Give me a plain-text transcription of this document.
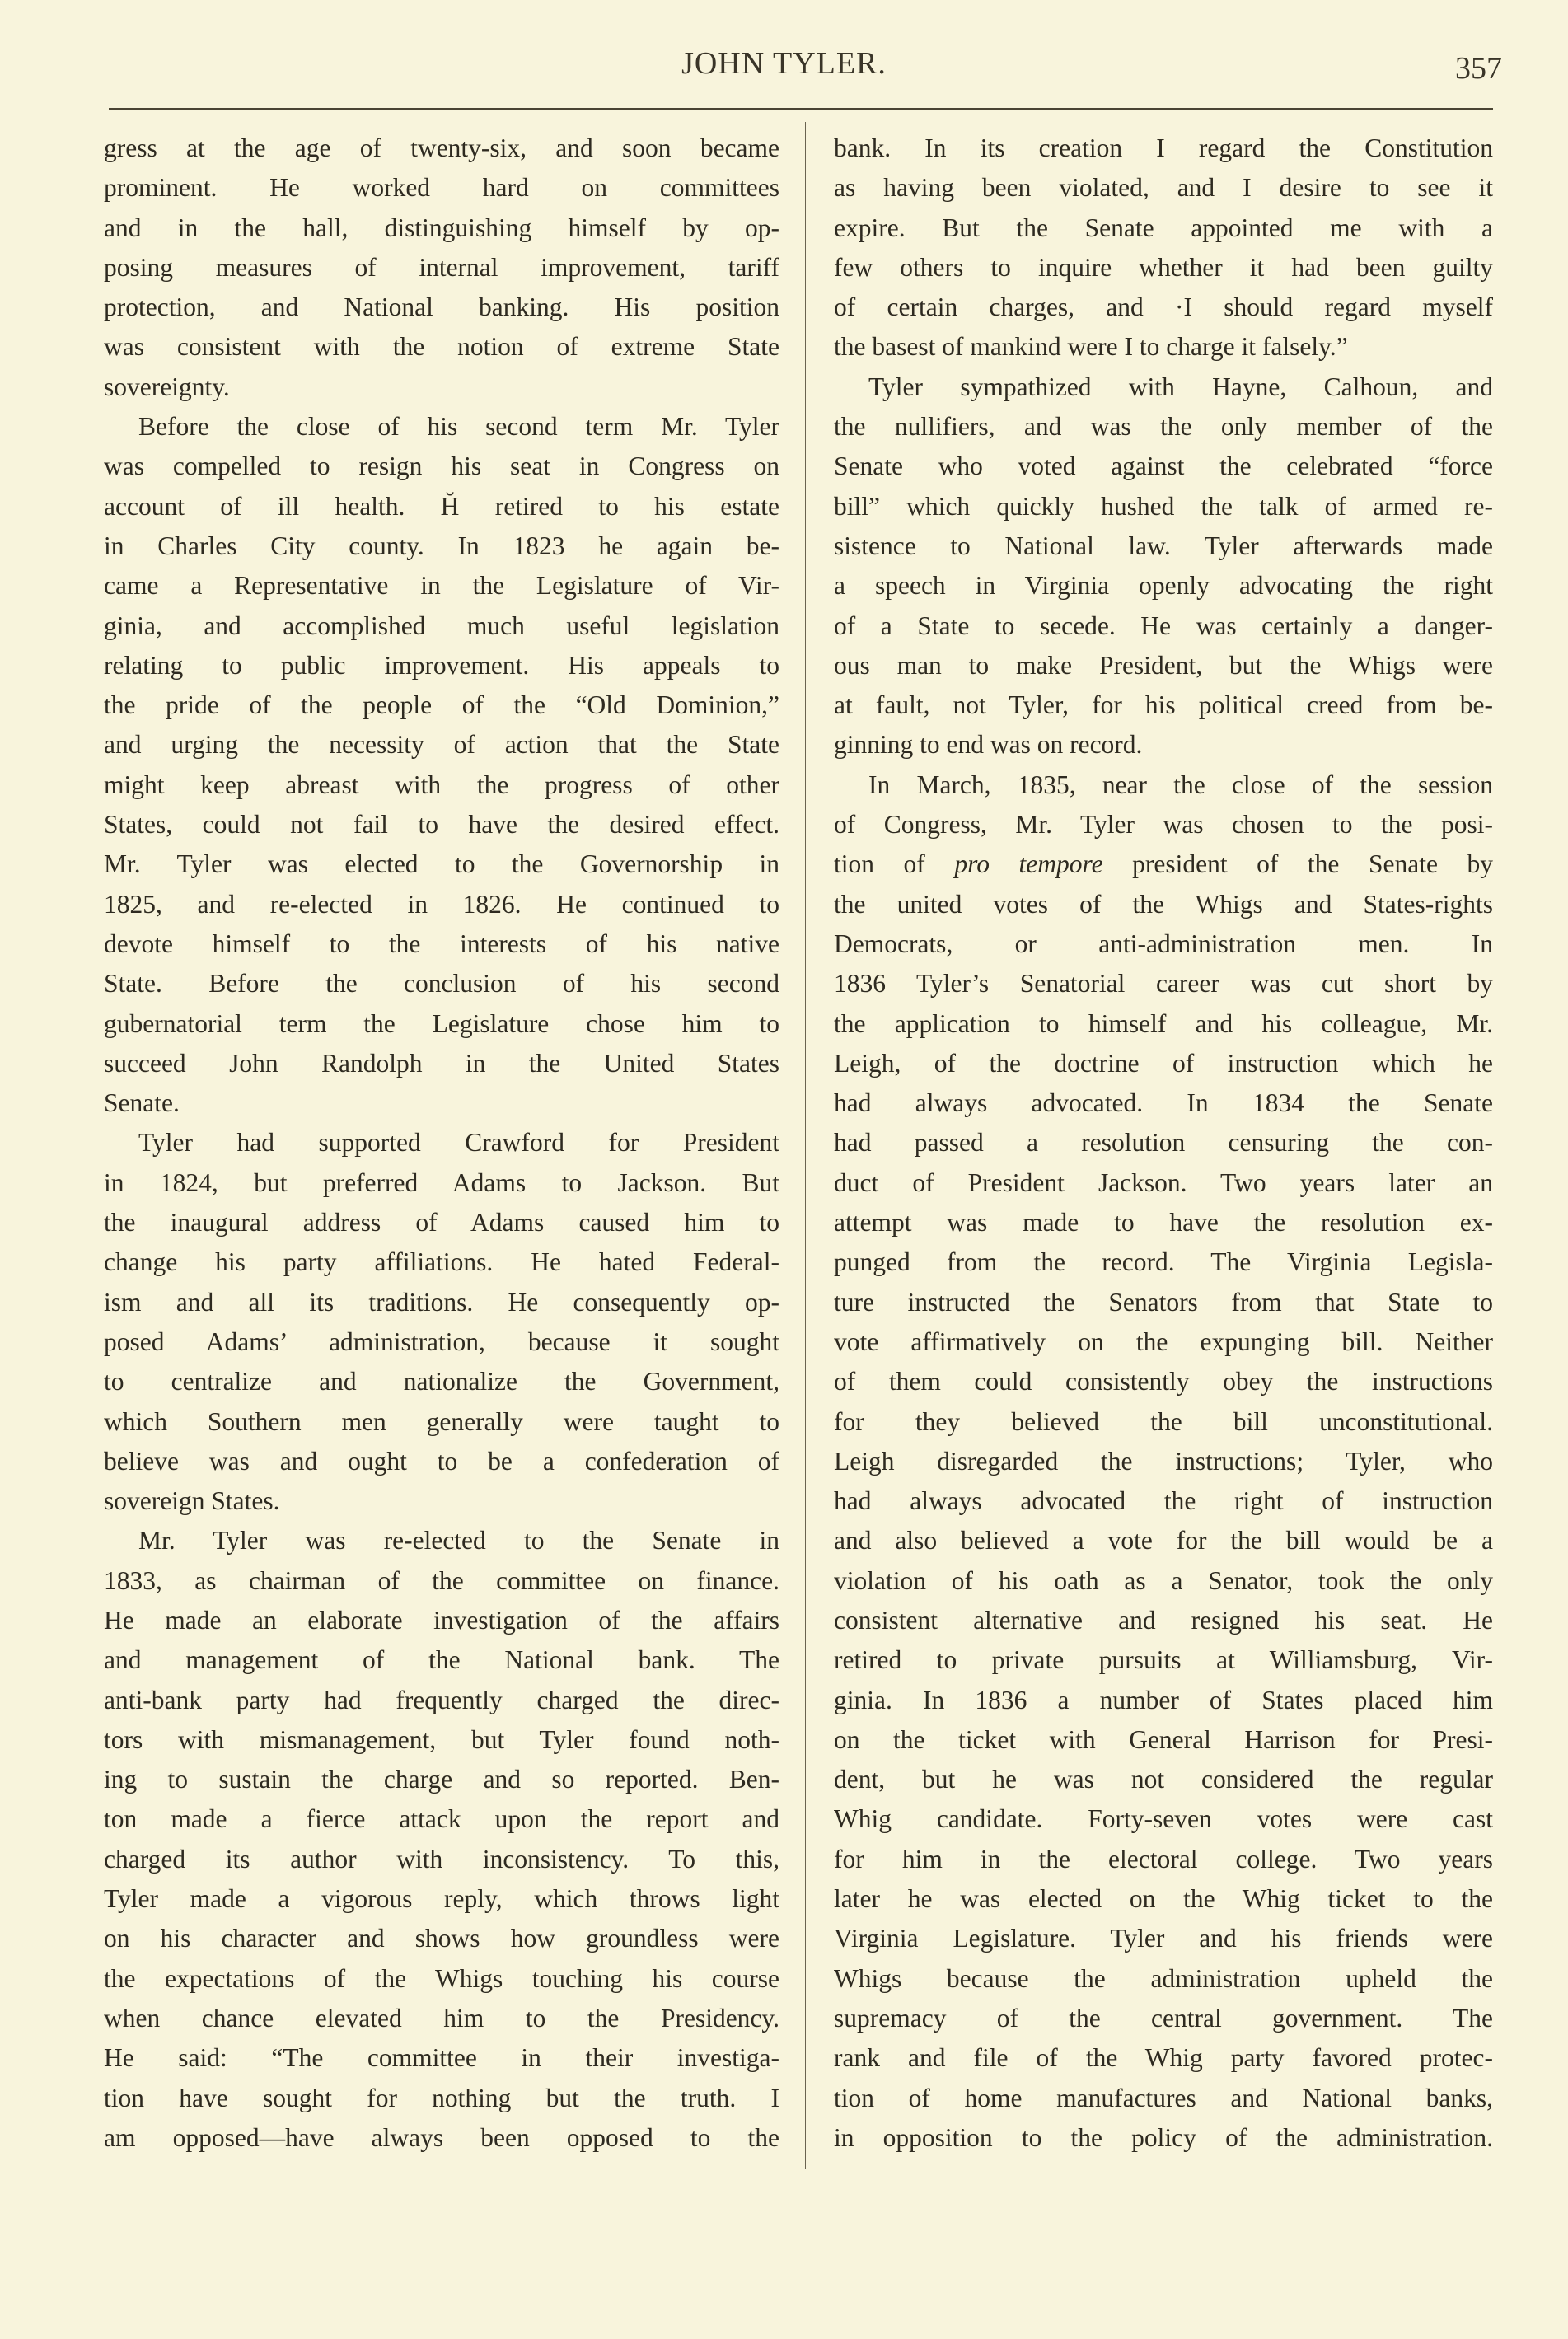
JOHN TYLER.	357
gress at the age of twenty-six, and soon became
prominent. He worked hard on committees
and in the hall, distinguishing himself by op-
posing measures of internal improvement, tariff
protection, and National banking. His position
was consistent with the notion of extreme State
sovereignty.
Before the close of his second term Mr. Tyler
was compelled to resign his seat in Congress on
account of ill health. H̆ retired to his estate
in Charles City county. In 1823 he again be-
came a Representative in the Legislature of Vir-
ginia, and accomplished much useful legislation
relating to public improvement. His appeals to
the pride of the people of the “Old Dominion,”
and urging the necessity of action that the State
might keep abreast with the progress of other
States, could not fail to have the desired effect.
Mr. Tyler was elected to the Governorship in
1825, and re-elected in 1826. He continued to
devote himself to the interests of his native
State. Before the conclusion of his second
gubernatorial term the Legislature chose him to
succeed John Randolph in the United States
Senate.
Tyler had supported Crawford for President
in 1824, but preferred Adams to Jackson. But
the inaugural address of Adams caused him to
change his party affiliations. He hated Federal-
ism and all its traditions. He consequently op-
posed Adams’ administration, because it sought
to centralize and nationalize the Government,
which Southern men generally were taught to
believe was and ought to be a confederation of
sovereign States.
Mr. Tyler was re-elected to the Senate in
1833, as chairman of the committee on finance.
He made an elaborate investigation of the affairs
and management of the National bank. The
anti-bank party had frequently charged the direc-
tors with mismanagement, but Tyler found noth-
ing to sustain the charge and so reported. Ben-
ton made a fierce attack upon the report and
charged its author with inconsistency. To this,
Tyler made a vigorous reply, which throws light
on his character and shows how groundless were
the expectations of the Whigs touching his course
when chance elevated him to the Presidency.
He said: “The committee in their investiga-
tion have sought for nothing but the truth. I
am opposed—have always been opposed to the
bank. In its creation I regard the Constitution
as having been violated, and I desire to see it
expire. But the Senate appointed me with a
few others to inquire whether it had been guilty
of certain charges, and ·I should regard myself
the basest of mankind were I to charge it falsely.”
Tyler sympathized with Hayne, Calhoun, and
the nullifiers, and was the only member of the
Senate who voted against the celebrated “force
bill” which quickly hushed the talk of armed re-
sistence to National law. Tyler afterwards made
a speech in Virginia openly advocating the right
of a State to secede. He was certainly a danger-
ous man to make President, but the Whigs were
at fault, not Tyler, for his political creed from be-
ginning to end was on record.
In March, 1835, near the close of the session
of Congress, Mr. Tyler was chosen to the posi-
tion of pro tempore president of the Senate by
the united votes of the Whigs and States-rights
Democrats, or anti-administration men. In
1836 Tyler’s Senatorial career was cut short by
the application to himself and his colleague, Mr.
Leigh, of the doctrine of instruction which he
had always advocated. In 1834 the Senate
had passed a resolution censuring the con-
duct of President Jackson. Two years later an
attempt was made to have the resolution ex-
punged from the record. The Virginia Legisla-
ture instructed the Senators from that State to
vote affirmatively on the expunging bill. Neither
of them could consistently obey the instructions
for they believed the bill unconstitutional.
Leigh disregarded the instructions; Tyler, who
had always advocated the right of instruction
and also believed a vote for the bill would be a
violation of his oath as a Senator, took the only
consistent alternative and resigned his seat. He
retired to private pursuits at Williamsburg, Vir-
ginia. In 1836 a number of States placed him
on the ticket with General Harrison for Presi-
dent, but he was not considered the regular
Whig candidate. Forty-seven votes were cast
for him in the electoral college. Two years
later he was elected on the Whig ticket to the
Virginia Legislature. Tyler and his friends were
Whigs because the administration upheld the
supremacy of the central government. The
rank and file of the Whig party favored protec-
tion of home manufactures and National banks,
in opposition to the policy of the administration.
